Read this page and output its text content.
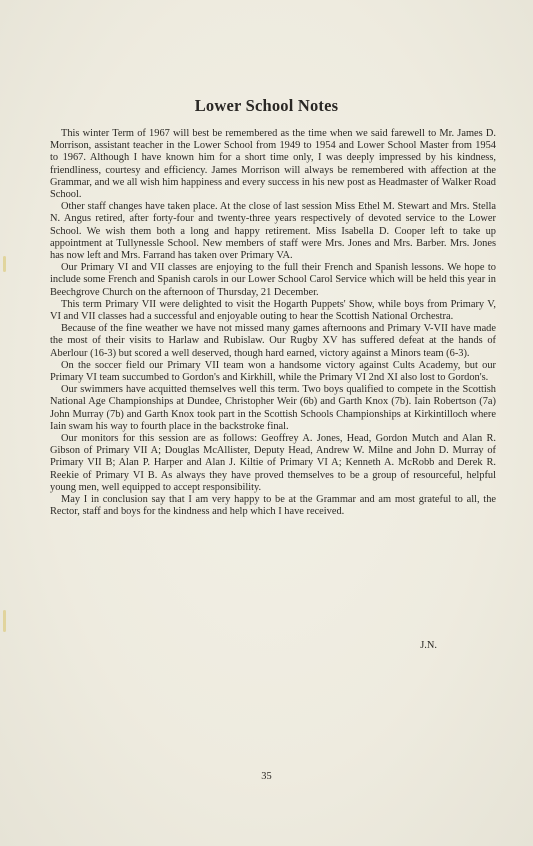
Lower School Notes

This winter Term of 1967 will best be remembered as the time when we said farewell to Mr. James D. Morrison, assistant teacher in the Lower School from 1949 to 1954 and Lower School Master from 1954 to 1967. Although I have known him for a short time only, I was deeply impressed by his kindness, friendliness, courtesy and efficiency. James Morrison will always be remembered with affection at the Grammar, and we all wish him happiness and every success in his new post as Headmaster of Walker Road School.

Other staff changes have taken place. At the close of last session Miss Ethel M. Stewart and Mrs. Stella N. Angus retired, after forty-four and twenty-three years respectively of devoted service to the Lower School. We wish them both a long and happy retirement. Miss Isabella D. Cooper left to take up appointment at Tullynessle School. New members of staff were Mrs. Jones and Mrs. Barber. Mrs. Jones has now left and Mrs. Farrand has taken over Primary VA.

Our Primary VI and VII classes are enjoying to the full their French and Spanish lessons. We hope to include some French and Spanish carols in our Lower School Carol Service which will be held this year in Beechgrove Church on the afternoon of Thursday, 21 December.

This term Primary VII were delighted to visit the Hogarth Puppets' Show, while boys from Primary V, VI and VII classes had a successful and enjoyable outing to hear the Scottish National Orchestra.

Because of the fine weather we have not missed many games afternoons and Primary V-VII have made the most of their visits to Harlaw and Rubislaw. Our Rugby XV has suffered defeat at the hands of Aberlour (16-3) but scored a well deserved, though hard earned, victory against a Minors team (6-3).

On the soccer field our Primary VII team won a handsome victory against Cults Academy, but our Primary VI team succumbed to Gordon's and Kirkhill, while the Primary VI 2nd XI also lost to Gordon's.

Our swimmers have acquitted themselves well this term. Two boys qualified to compete in the Scottish National Age Championships at Dundee, Christopher Weir (6b) and Garth Knox (7b). Iain Robertson (7a) John Murray (7b) and Garth Knox took part in the Scottish Schools Championships at Kirkintilloch where Iain swam his way to fourth place in the backstroke final.

Our monitors for this session are as follows: Geoffrey A. Jones, Head, Gordon Mutch and Alan R. Gibson of Primary VII A; Douglas McAllister, Deputy Head, Andrew W. Milne and John D. Murray of Primary VII B; Alan P. Harper and Alan J. Kiltie of Primary VI A; Kenneth A. McRobb and Derek R. Reekie of Primary VI B. As always they have proved themselves to be a group of resourceful, helpful young men, well equipped to accept responsibility.

May I in conclusion say that I am very happy to be at the Grammar and am most grateful to all, the Rector, staff and boys for the kindness and help which I have received.

J.N.
35
